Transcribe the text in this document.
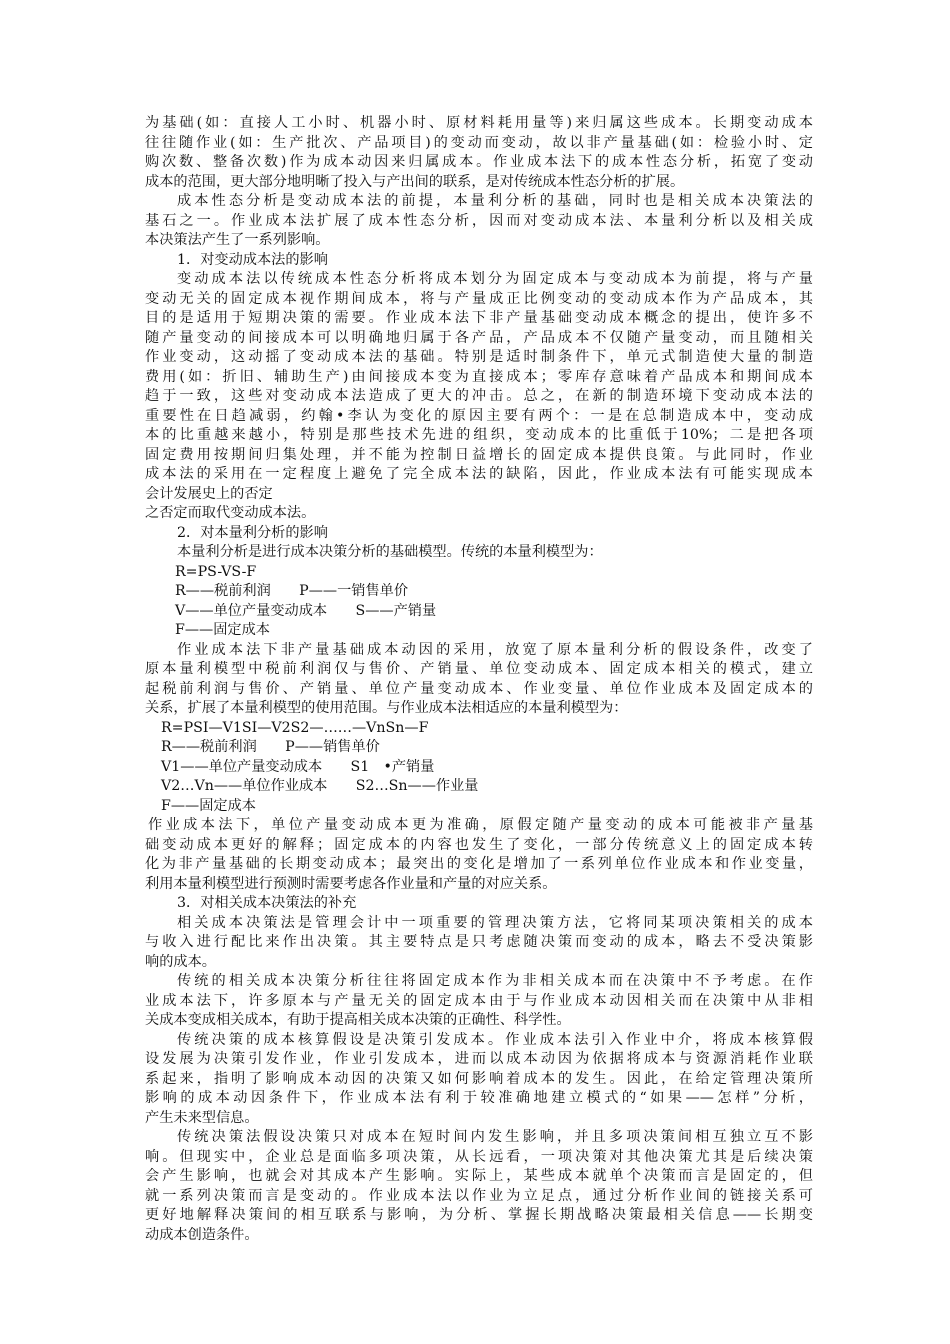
为基础(如：直接人工小时、机器小时、原材料耗用量等)来归属这些成本。长期变动成本
往往随作业(如：生产批次、产品项目)的变动而变动，故以非产量基础(如：检验小时、定
购次数、整备次数)作为成本动因来归属成本。作业成本法下的成本性态分析，拓宽了变动
成本的范围，更大部分地明晰了投入与产出间的联系，是对传统成本性态分析的扩展。
成本性态分析是变动成本法的前提，本量利分析的基础，同时也是相关成本决策法的
基石之一。作业成本法扩展了成本性态分析，因而对变动成本法、本量利分析以及相关成
本决策法产生了一系列影响。
1．对变动成本法的影响
变动成本法以传统成本性态分析将成本划分为固定成本与变动成本为前提，将与产量
变动无关的固定成本视作期间成本，将与产量成正比例变动的变动成本作为产品成本，其
目的是适用于短期决策的需要。作业成本法下非产量基础变动成本概念的提出，使许多不
随产量变动的间接成本可以明确地归属于各产品，产品成本不仅随产量变动，而且随相关
作业变动，这动摇了变动成本法的基础。特别是适时制条件下，单元式制造使大量的制造
费用(如：折旧、辅助生产)由间接成本变为直接成本；零库存意味着产品成本和期间成本
趋于一致，这些对变动成本法造成了更大的冲击。总之，在新的制造环境下变动成本法的
重要性在日趋减弱，约翰•李认为变化的原因主要有两个：一是在总制造成本中，变动成
本的比重越来越小，特别是那些技术先进的组织，变动成本的比重低于10%；二是把各项
固定费用按期间归集处理，并不能为控制日益增长的固定成本提供良策。与此同时，作业
成本法的采用在一定程度上避免了完全成本法的缺陷，因此，作业成本法有可能实现成本
会计发展史上的否定
之否定而取代变动成本法。
2．对本量利分析的影响
本量利分析是进行成本决策分析的基础模型。传统的本量利模型为：
R=PS-VS-F
R——税前利润　　P——一销售单价
V——单位产量变动成本　　S——产销量
F——固定成本
作业成本法下非产量基础成本动因的采用，放宽了原本量利分析的假设条件，改变了
原本量利模型中税前利润仅与售价、产销量、单位变动成本、固定成本相关的模式，建立
起税前利润与售价、产销量、单位产量变动成本、作业变量、单位作业成本及固定成本的
关系，扩展了本量利模型的使用范围。与作业成本法相适应的本量利模型为：
R=PSI—V1SI—V2S2—……—VnSn—F
R——税前利润　　P——销售单价
V1——单位产量变动成本　　S1　•产销量
V2…Vn——单位作业成本　　S2…Sn——作业量
F——固定成本
作业成本法下，单位产量变动成本更为准确，原假定随产量变动的成本可能被非产量基
础变动成本更好的解释；固定成本的内容也发生了变化，一部分传统意义上的固定成本转
化为非产量基础的长期变动成本；最突出的变化是增加了一系列单位作业成本和作业变量，
利用本量利模型进行预测时需要考虑各作业量和产量的对应关系。
3．对相关成本决策法的补充
相关成本决策法是管理会计中一项重要的管理决策方法，它将同某项决策相关的成本
与收入进行配比来作出决策。其主要特点是只考虑随决策而变动的成本，略去不受决策影
响的成本。
传统的相关成本决策分析往往将固定成本作为非相关成本而在决策中不予考虑。在作
业成本法下，许多原本与产量无关的固定成本由于与作业成本动因相关而在决策中从非相
关成本变成相关成本，有助于提高相关成本决策的正确性、科学性。
传统决策的成本核算假设是决策引发成本。作业成本法引入作业中介，将成本核算假
设发展为决策引发作业，作业引发成本，进而以成本动因为依据将成本与资源消耗作业联
系起来，指明了影响成本动因的决策又如何影响着成本的发生。因此，在给定管理决策所
影响的成本动因条件下，作业成本法有利于较准确地建立模式的“如果——怎样”分析，
产生未来型信息。
传统决策法假设决策只对成本在短时间内发生影响，并且多项决策间相互独立互不影
响。但现实中，企业总是面临多项决策，从长远看，一项决策对其他决策尤其是后续决策
会产生影响，也就会对其成本产生影响。实际上，某些成本就单个决策而言是固定的，但
就一系列决策而言是变动的。作业成本法以作业为立足点，通过分析作业间的链接关系可
更好地解释决策间的相互联系与影响，为分析、掌握长期战略决策最相关信息——长期变
动成本创造条件。
